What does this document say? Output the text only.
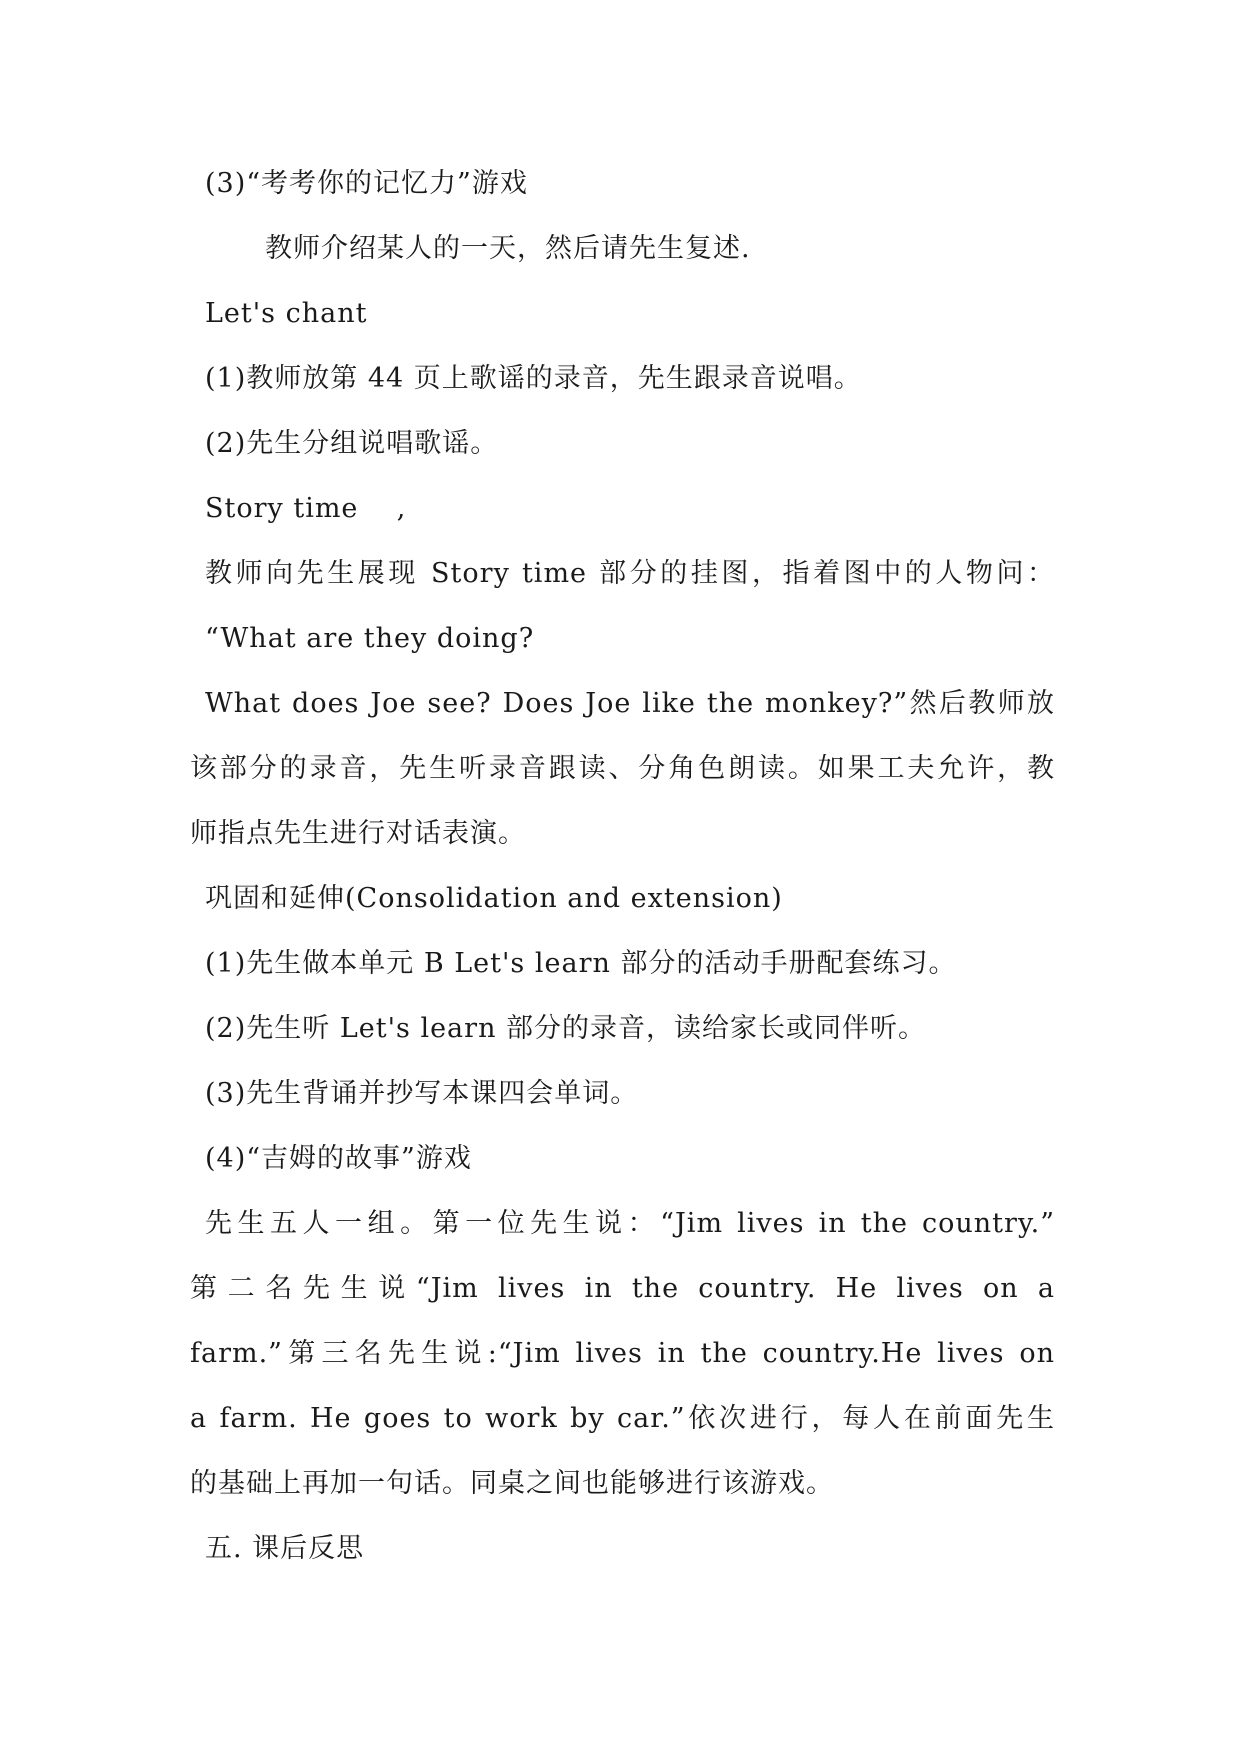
(3)“考考你的记忆力”游戏
教师介绍某人的一天，然后请先生复述.
Let's chant
(1)教师放第 44 页上歌谣的录音，先生跟录音说唱。
(2)先生分组说唱歌谣。
Story time    ,
教师向先生展现 Story time 部分的挂图，指着图中的人物问：
“What are they doing?
What does Joe see? Does Joe like the monkey?”然后教师放
该部分的录音，先生听录音跟读、分角色朗读。如果工夫允许，教
师指点先生进行对话表演。
巩固和延伸(Consolidation and extension)
(1)先生做本单元 B Let's learn 部分的活动手册配套练习。
(2)先生听 Let's learn 部分的录音，读给家长或同伴听。
(3)先生背诵并抄写本课四会单词。
(4)“吉姆的故事”游戏
先生五人一组。第一位先生说：“Jim lives in the country.”
第二名先生说“Jim lives in the country. He lives on a
farm.”第三名先生说:“Jim lives in the country.He lives on
a farm. He goes to work by car.”依次进行，每人在前面先生
的基础上再加一句话。同桌之间也能够进行该游戏。
五. 课后反思
